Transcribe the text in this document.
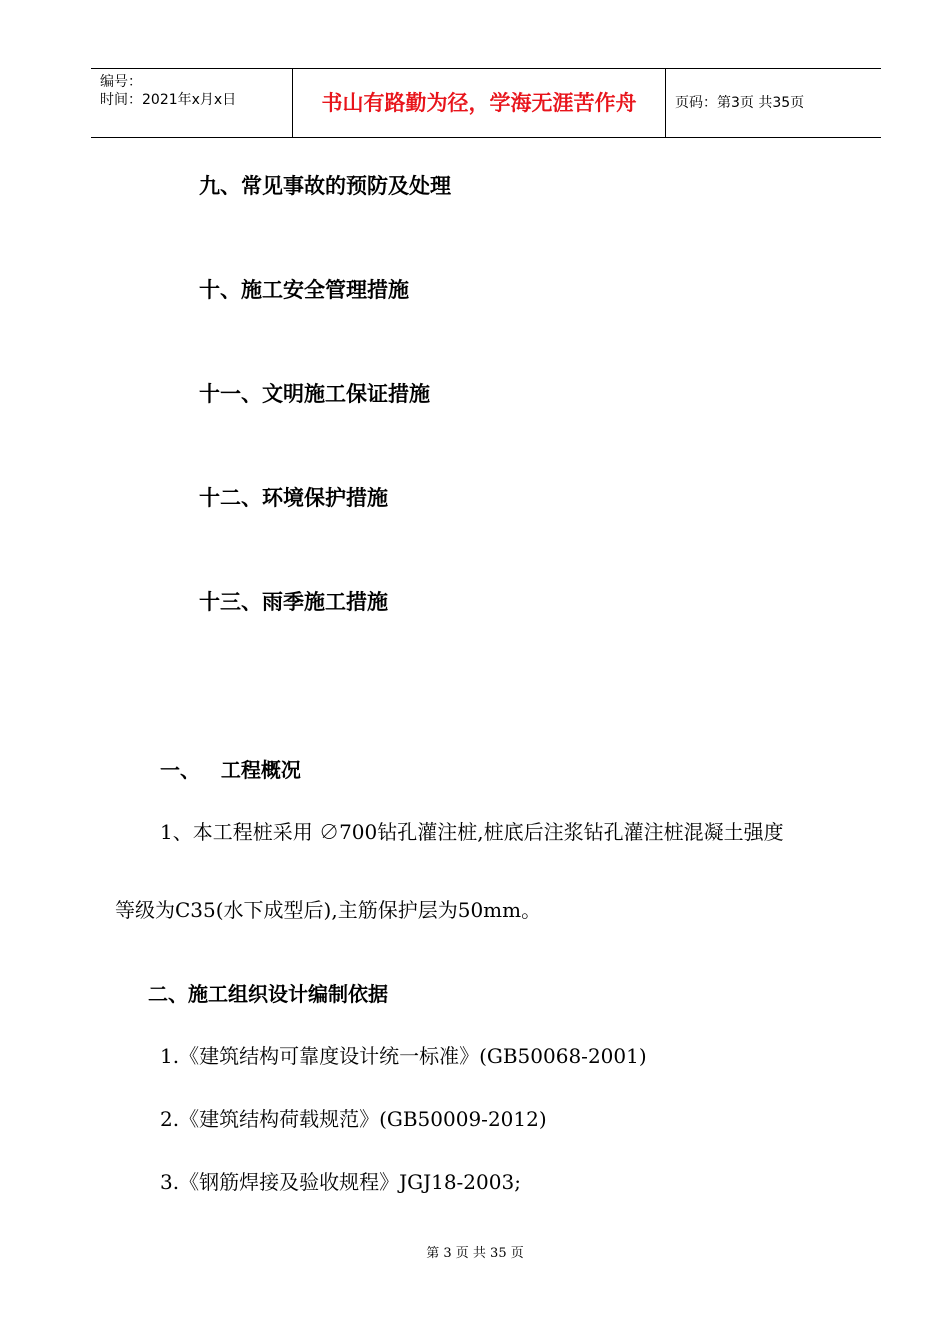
编号：
时间：2021年x月x日	书山有路勤为径，学海无涯苦作舟	页码：第3页 共35页
九、常见事故的预防及处理
十、施工安全管理措施
十一、文明施工保证措施
十二、环境保护措施
十三、雨季施工措施
一、   工程概况
1、本工程桩采用 ∅700钻孔灌注桩,桩底后注浆钻孔灌注桩混凝土强度
等级为C35(水下成型后),主筋保护层为50mm。
二、施工组织设计编制依据
1.《建筑结构可靠度设计统一标准》(GB50068-2001)
2.《建筑结构荷载规范》(GB50009-2012)
3.《钢筋焊接及验收规程》JGJ18-2003;
第 3 页 共 35 页
